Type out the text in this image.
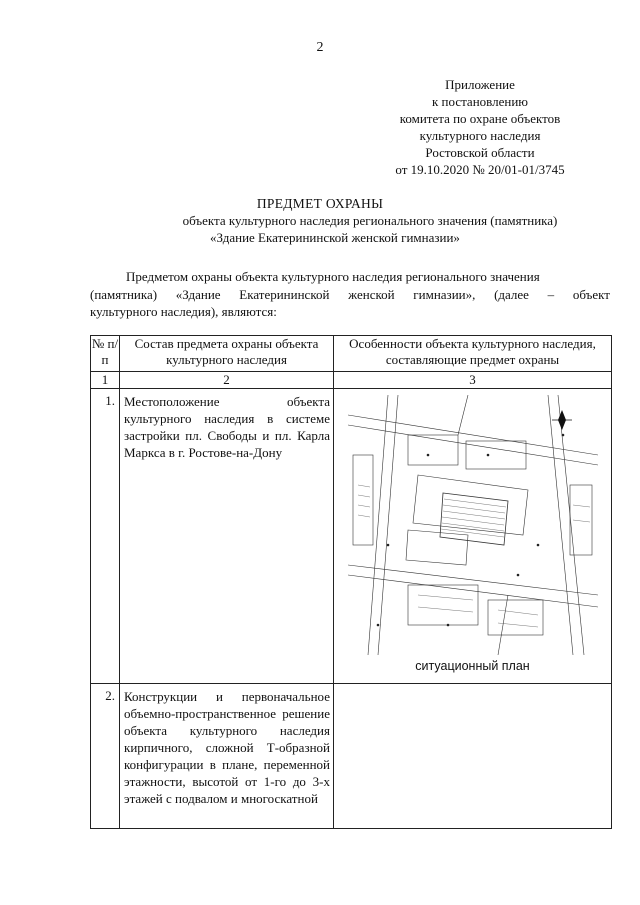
2
Приложение
к постановлению
комитета по охране объектов
культурного наследия
Ростовской области
от 19.10.2020 № 20/01-01/3745
ПРЕДМЕТ ОХРАНЫ
объекта культурного наследия регионального значения (памятника)
«Здание Екатерининской женской гимназии»
Предметом охраны объекта культурного наследия регионального значения
(памятника) «Здание Екатерининской женской гимназии», (далее – объект
культурного наследия), являются:
№ п/п	Состав предмета охраны объекта культурного наследия	Особенности объекта культурного наследия, составляющие предмет охраны
1	2	3
1.	Местоположение объекта культурного наследия в системе застройки пл. Свободы и пл. Карла Маркса в г. Ростове-на-Дону	ситуационный план

2.	Конструкции и первоначальное объемно-пространственное решение объекта культурного наследия кирпичного, сложной Т-образной конфигурации в плане, переменной этажности, высотой от 1-го до 3-х этажей с подвалом и многоскатной	
